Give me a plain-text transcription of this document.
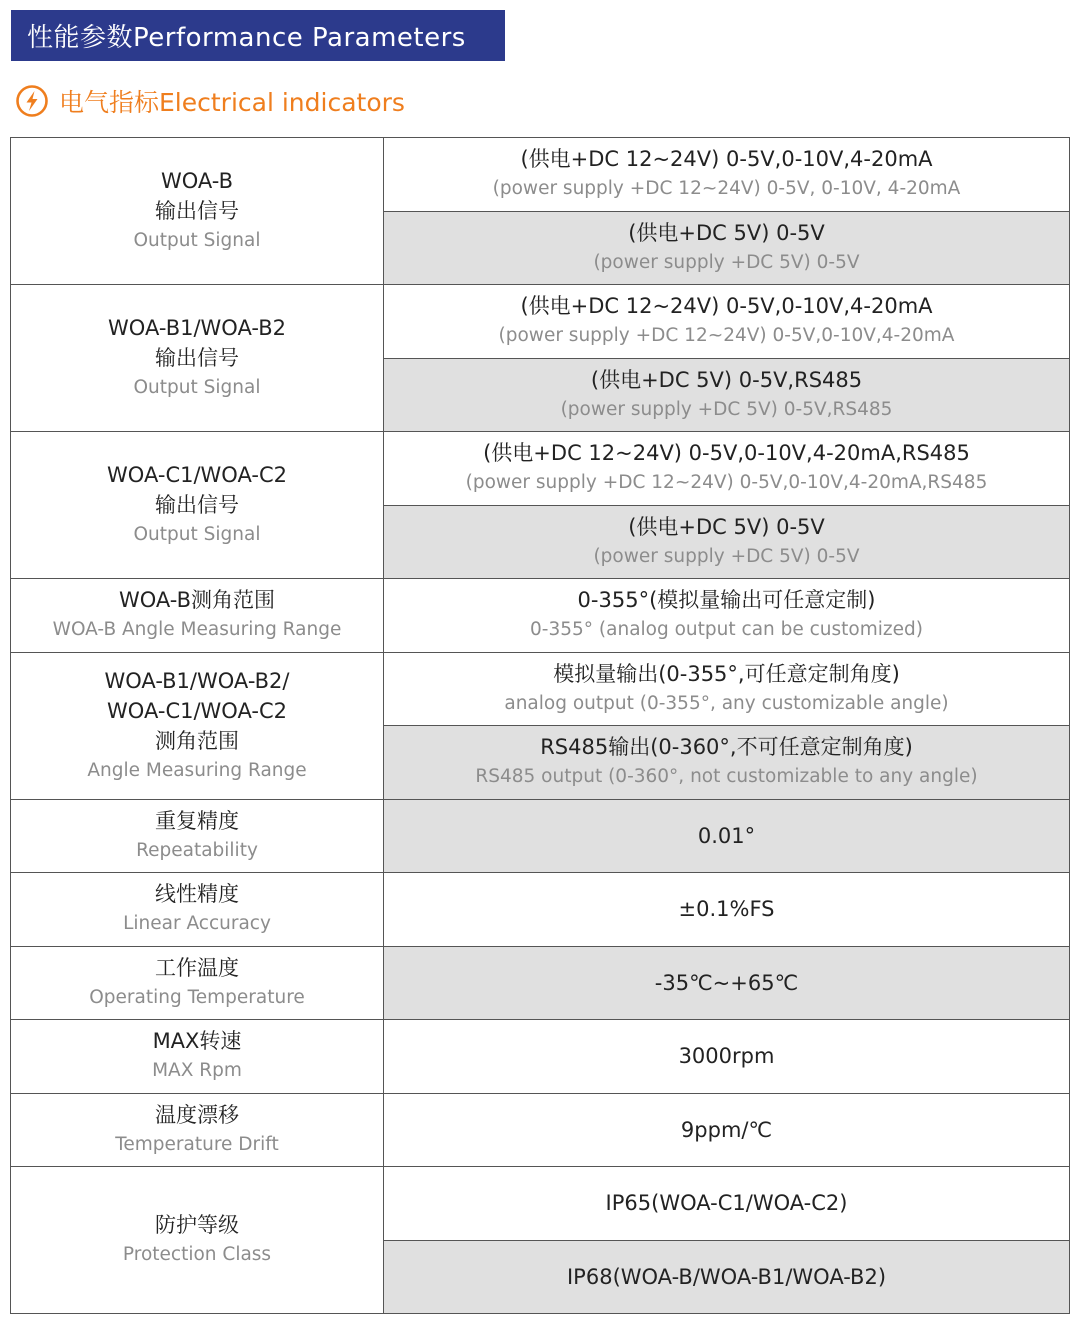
性能参数Performance Parameters
电气指标Electrical indicators
WOA-B
输出信号
Output Signal	(供电+DC 12~24V) 0-5V,0-10V,4-20mA
(power supply +DC 12~24V) 0-5V, 0-10V, 4-20mA

	(供电+DC 5V) 0-5V
(power supply +DC 5V) 0-5V

WOA-B1/WOA-B2
输出信号
Output Signal	(供电+DC 12~24V) 0-5V,0-10V,4-20mA
(power supply +DC 12~24V) 0-5V,0-10V,4-20mA

	(供电+DC 5V) 0-5V,RS485
(power supply +DC 5V) 0-5V,RS485

WOA-C1/WOA-C2
输出信号
Output Signal	(供电+DC 12~24V) 0-5V,0-10V,4-20mA,RS485
(power supply +DC 12~24V) 0-5V,0-10V,4-20mA,RS485

	(供电+DC 5V) 0-5V
(power supply +DC 5V) 0-5V

WOA-B测角范围
WOA-B Angle Measuring Range	0-355°(模拟量输出可任意定制)
0-355° (analog output can be customized)

WOA-B1/WOA-B2/
WOA-C1/WOA-C2
测角范围
Angle Measuring Range	模拟量输出(0-355°,可任意定制角度)
analog output (0-355°, any customizable angle)

	RS485输出(0-360°,不可任意定制角度)
RS485 output (0-360°, not customizable to any angle)

重复精度
Repeatability	0.01°

线性精度
Linear Accuracy	±0.1%FS

工作温度
Operating Temperature	-35℃~+65℃

MAX转速
MAX Rpm	3000rpm

温度漂移
Temperature Drift	9ppm/℃

防护等级
Protection Class	IP65(WOA-C1/WOA-C2)

	IP68(WOA-B/WOA-B1/WOA-B2)
